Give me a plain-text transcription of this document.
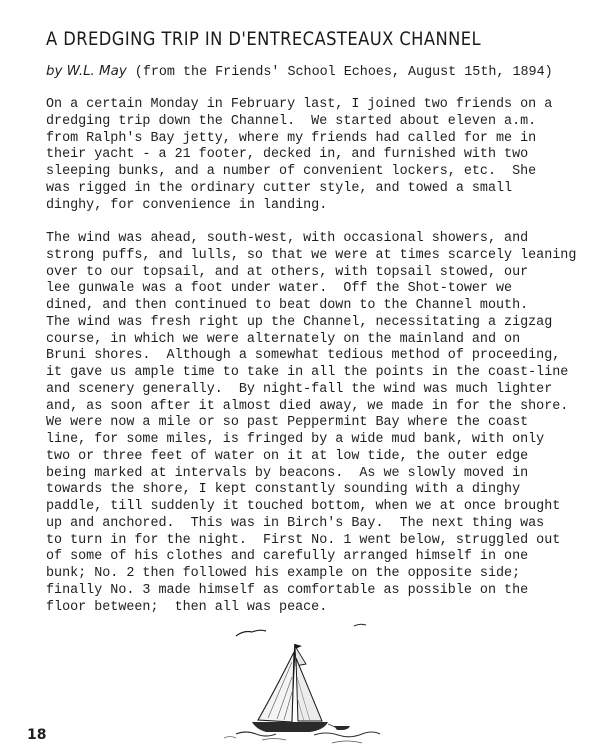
A DREDGING TRIP IN D'ENTRECASTEAUX CHANNEL
by W.L. May (from the Friends' School Echoes, August 15th, 1894)
On a certain Monday in February last, I joined two friends on a
dredging trip down the Channel.  We started about eleven a.m.
from Ralph's Bay jetty, where my friends had called for me in
their yacht - a 21 footer, decked in, and furnished with two
sleeping bunks, and a number of convenient lockers, etc.  She
was rigged in the ordinary cutter style, and towed a small
dinghy, for convenience in landing.
The wind was ahead, south-west, with occasional showers, and
strong puffs, and lulls, so that we were at times scarcely leaning
over to our topsail, and at others, with topsail stowed, our
lee gunwale was a foot under water.  Off the Shot-tower we
dined, and then continued to beat down to the Channel mouth.
The wind was fresh right up the Channel, necessitating a zigzag
course, in which we were alternately on the mainland and on
Bruni shores.  Although a somewhat tedious method of proceeding,
it gave us ample time to take in all the points in the coast-line
and scenery generally.  By night-fall the wind was much lighter
and, as soon after it almost died away, we made in for the shore.
We were now a mile or so past Peppermint Bay where the coast
line, for some miles, is fringed by a wide mud bank, with only
two or three feet of water on it at low tide, the outer edge
being marked at intervals by beacons.  As we slowly moved in
towards the shore, I kept constantly sounding with a dinghy
paddle, till suddenly it touched bottom, when we at once brought
up and anchored.  This was in Birch's Bay.  The next thing was
to turn in for the night.  First No. 1 went below, struggled out
of some of his clothes and carefully arranged himself in one
bunk; No. 2 then followed his example on the opposite side;
finally No. 3 made himself as comfortable as possible on the
floor between;  then all was peace.
18
